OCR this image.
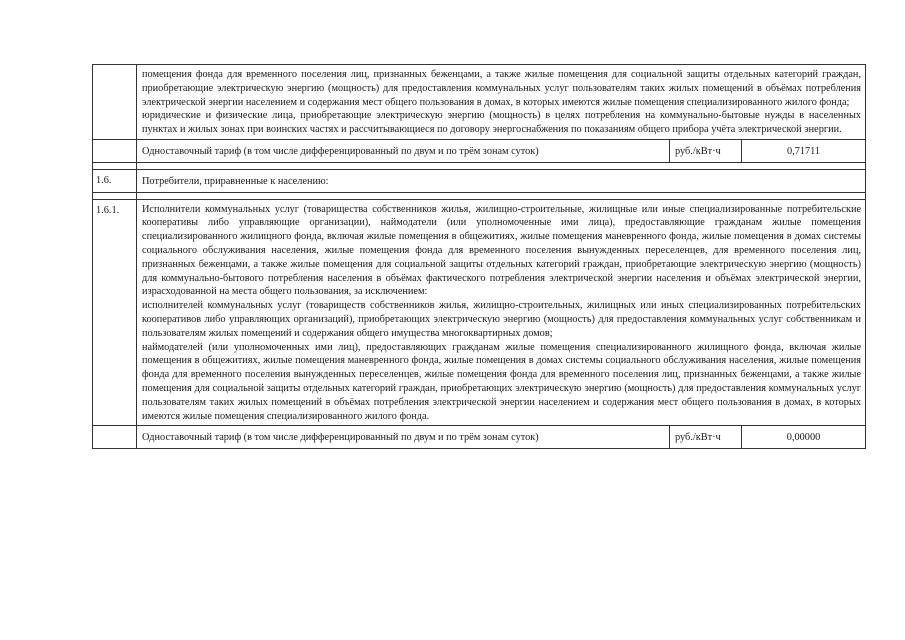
	помещения фонда для временного поселения лиц, признанных беженцами, а также жилые помещения для социальной защиты отдельных категорий граждан, приобретающие электрическую энергию (мощность) для предоставления коммунальных услуг пользователям таких жилых помещений в объёмах потребления электрической энергии населением и содержания мест общего пользования в домах, в которых имеются жилые помещения специализированного жилого фонда;

юридические и физические лица, приобретающие электрическую энергию (мощность) в целях потребления на коммунально-бытовые нужды в населенных пунктах и жилых зонах при воинских частях и рассчитывающиеся по договору энергоснабжения по показаниям общего прибора учёта электрической энергии.		

	Одноставочный тариф (в том числе дифференцированный по двум и по трём зонам суток)	руб./кВт·ч	0,71711

1.6.	Потребители, приравненные к населению:		

1.6.1.	Исполнители коммунальных услуг (товарищества собственников жилья, жилищно-строительные, жилищные или иные специализированные потребительские кооперативы либо управляющие организации), наймодатели (или уполномоченные ими лица), предоставляющие гражданам жилые помещения специализированного жилищного фонда, включая жилые помещения в общежитиях, жилые помещения маневренного фонда, жилые помещения в домах системы социального обслуживания населения, жилые помещения фонда для временного поселения вынужденных переселенцев, для временного поселения лиц, признанных беженцами, а также жилые помещения для социальной защиты отдельных категорий граждан, приобретающие электрическую энергию (мощность) для коммунально-бытового потребления населения в объёмах фактического потребления электрической энергии населения и объёмах электрической энергии, израсходованной на места общего пользования, за исключением:

исполнителей коммунальных услуг (товариществ собственников жилья, жилищно-строительных, жилищных или иных специализированных потребительских кооперативов либо управляющих организаций), приобретающих электрическую энергию (мощность) для предоставления коммунальных услуг собственникам и пользователям жилых помещений и содержания общего имущества многоквартирных домов;

наймодателей (или уполномоченных ими лиц), предоставляющих гражданам жилые помещения специализированного жилищного фонда, включая жилые помещения в общежитиях, жилые помещения маневренного фонда, жилые помещения в домах системы социального обслуживания населения, жилые помещения фонда для временного поселения вынужденных переселенцев, жилые помещения фонда для временного поселения лиц, признанных беженцами, а также жилые помещения для социальной защиты отдельных категорий граждан, приобретающих электрическую энергию (мощность) для предоставления коммунальных услуг пользователям таких жилых помещений в объёмах потребления электрической энергии населением и содержания мест общего пользования в домах, в которых имеются жилые помещения специализированного жилого фонда.		

	Одноставочный тариф (в том числе дифференцированный по двум и по трём зонам суток)	руб./кВт·ч	0,00000
